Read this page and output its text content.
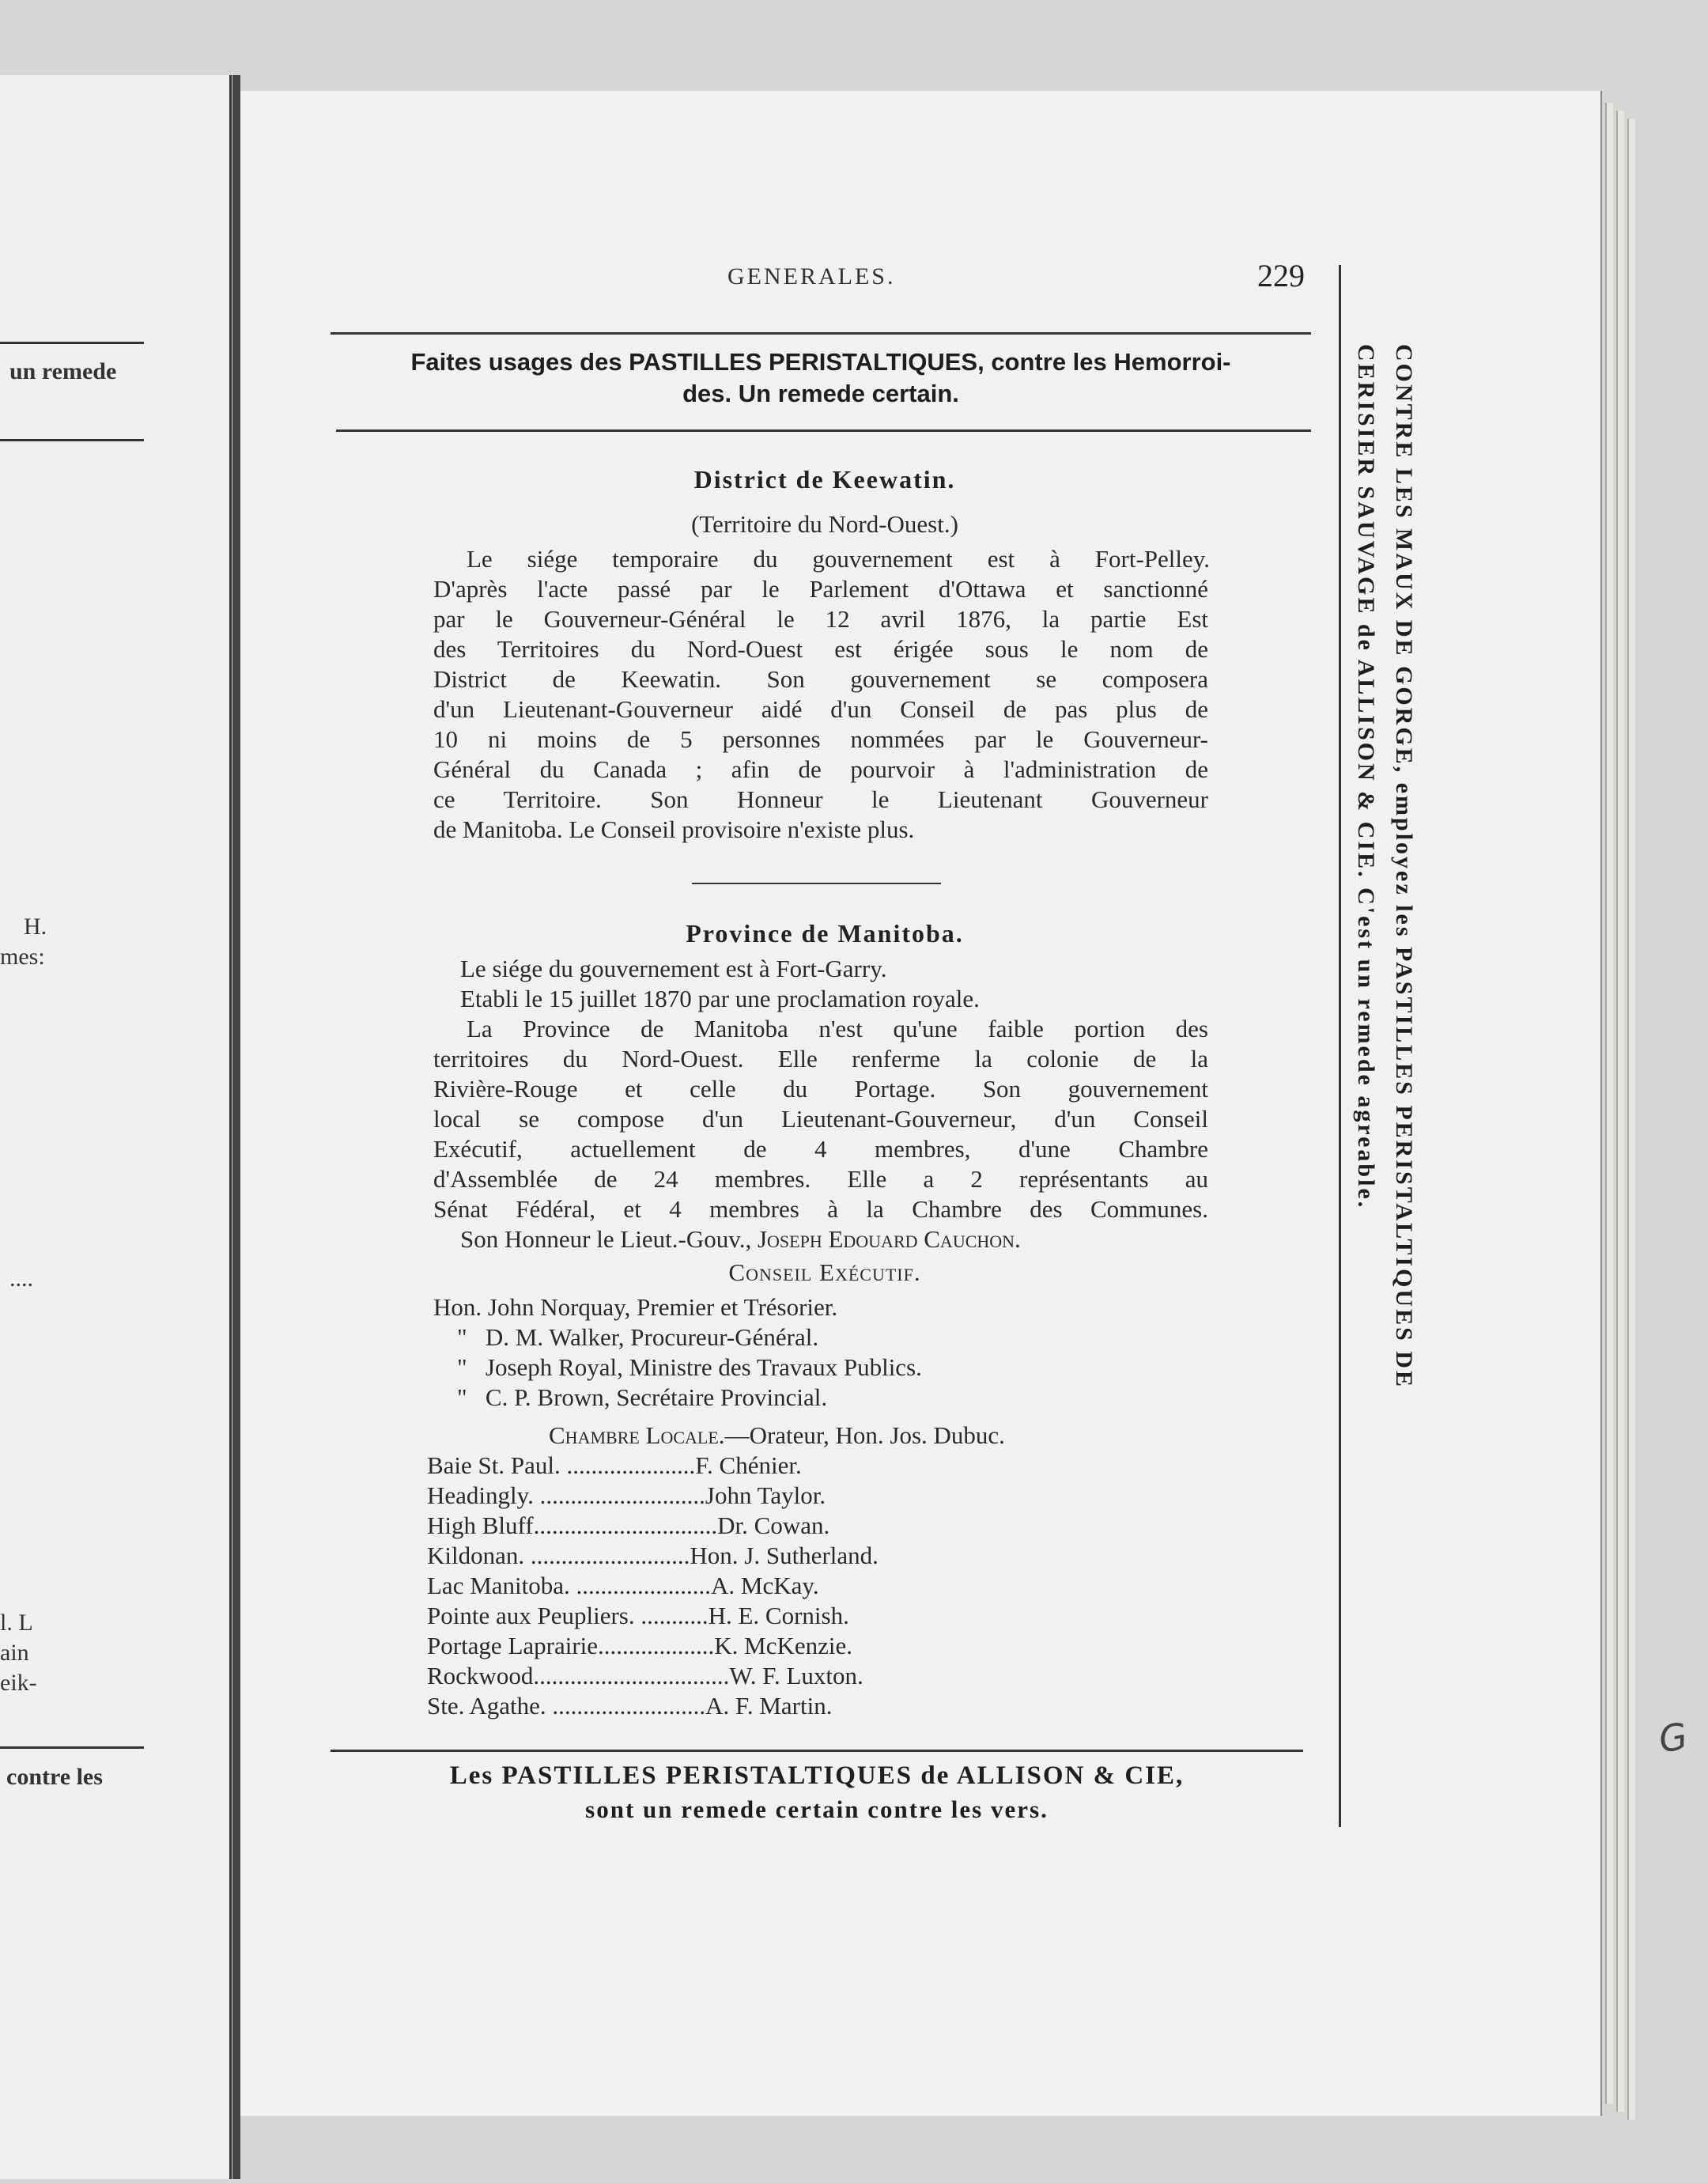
un remede
H.
mes:
....
l. L
ain
eik-
contre les
GENERALES.	229
Faites usages des PASTILLES PERISTALTIQUES, contre les Hemorroi-
des. Un remede certain.
District de Keewatin.
(Territoire du Nord-Ouest.)
Le siége temporaire du gouvernement est à Fort-Pelley.
D'après l'acte passé par le Parlement d'Ottawa et sanctionné
par le Gouverneur-Général le 12 avril 1876, la partie Est
des Territoires du Nord-Ouest est érigée sous le nom de
District de Keewatin. Son gouvernement se composera
d'un Lieutenant-Gouverneur aidé d'un Conseil de pas plus de
10 ni moins de 5 personnes nommées par le Gouverneur-
Général du Canada ; afin de pourvoir à l'administration de
ce Territoire. Son Honneur le Lieutenant Gouverneur
de Manitoba. Le Conseil provisoire n'existe plus.
Province de Manitoba.
Le siége du gouvernement est à Fort-Garry.
Etabli le 15 juillet 1870 par une proclamation royale.
La Province de Manitoba n'est qu'une faible portion des
territoires du Nord-Ouest. Elle renferme la colonie de la
Rivière-Rouge et celle du Portage. Son gouvernement
local se compose d'un Lieutenant-Gouverneur, d'un Conseil
Exécutif, actuellement de 4 membres, d'une Chambre
d'Assemblée de 24 membres. Elle a 2 représentants au
Sénat Fédéral, et 4 membres à la Chambre des Communes.
Son Honneur le Lieut.-Gouv., Joseph Edouard Cauchon.
Conseil Exécutif.
Hon. John Norquay, Premier et Trésorier.
"   D. M. Walker, Procureur-Général.
"   Joseph Royal, Ministre des Travaux Publics.
"   C. P. Brown, Secrétaire Provincial.
Chambre Locale.—Orateur, Hon. Jos. Dubuc.
Baie St. Paul. .....................F. Chénier.
Headingly. ...........................John Taylor.
High Bluff..............................Dr. Cowan.
Kildonan. ..........................Hon. J. Sutherland.
Lac Manitoba. ......................A. McKay.
Pointe aux Peupliers. ...........H. E. Cornish.
Portage Laprairie...................K. McKenzie.
Rockwood................................W. F. Luxton.
Ste. Agathe. .........................A. F. Martin.
Les PASTILLES PERISTALTIQUES de ALLISON & CIE,
sont un remede certain contre les vers.
CONTRE LES MAUX DE GORGE, employez les PASTILLES PERISTALTIQUES DE
CERISIER SAUVAGE de ALLISON & CIE. C'est un remede agreable.
G
